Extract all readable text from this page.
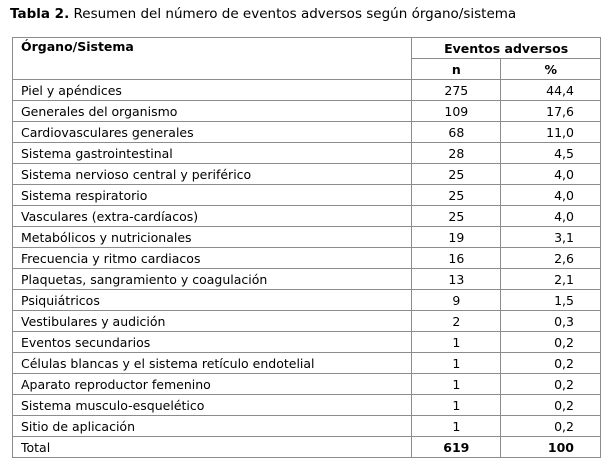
Tabla 2. Resumen del número de eventos adversos según órgano/sistema
Órgano/Sistema	Eventos adversos	
	n	%
Piel y apéndices	275	44,4
Generales del organismo	109	17,6
Cardiovasculares generales	68	11,0
Sistema gastrointestinal	28	4,5
Sistema nervioso central y periférico	25	4,0
Sistema respiratorio	25	4,0
Vasculares (extra-cardíacos)	25	4,0
Metabólicos y nutricionales	19	3,1
Frecuencia y ritmo cardiacos	16	2,6
Plaquetas, sangramiento y coagulación	13	2,1
Psiquiátricos	9	1,5
Vestibulares y audición	2	0,3
Eventos secundarios	1	0,2
Células blancas y el sistema retículo endotelial	1	0,2
Aparato reproductor femenino	1	0,2
Sistema musculo-esquelético	1	0,2
Sitio de aplicación	1	0,2
Total	619	100
